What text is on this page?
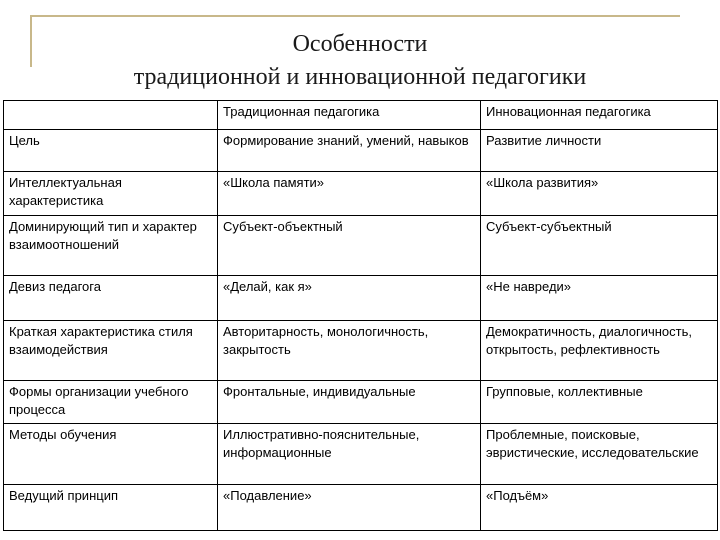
Особенности
традиционной и инновационной педагогики
	Традиционная педагогика	Инновационная педагогика
Цель	Формирование знаний, умений, навыков	Развитие личности
Интеллектуальная характеристика	«Школа памяти»	«Школа развития»
Доминирующий тип и характер взаимоотношений	Субъект-объектный	Субъект-субъектный
Девиз педагога	«Делай, как я»	«Не навреди»
Краткая характеристика стиля взаимодействия	Авторитарность, монологичность, закрытость	Демократичность, диалогичность, открытость, рефлективность
Формы организации учебного процесса	Фронтальные, индивидуальные	Групповые, коллективные
Методы обучения	Иллюстративно-пояснительные, информационные	Проблемные, поисковые, эвристические, исследовательские
Ведущий принцип	«Подавление»	«Подъём»
